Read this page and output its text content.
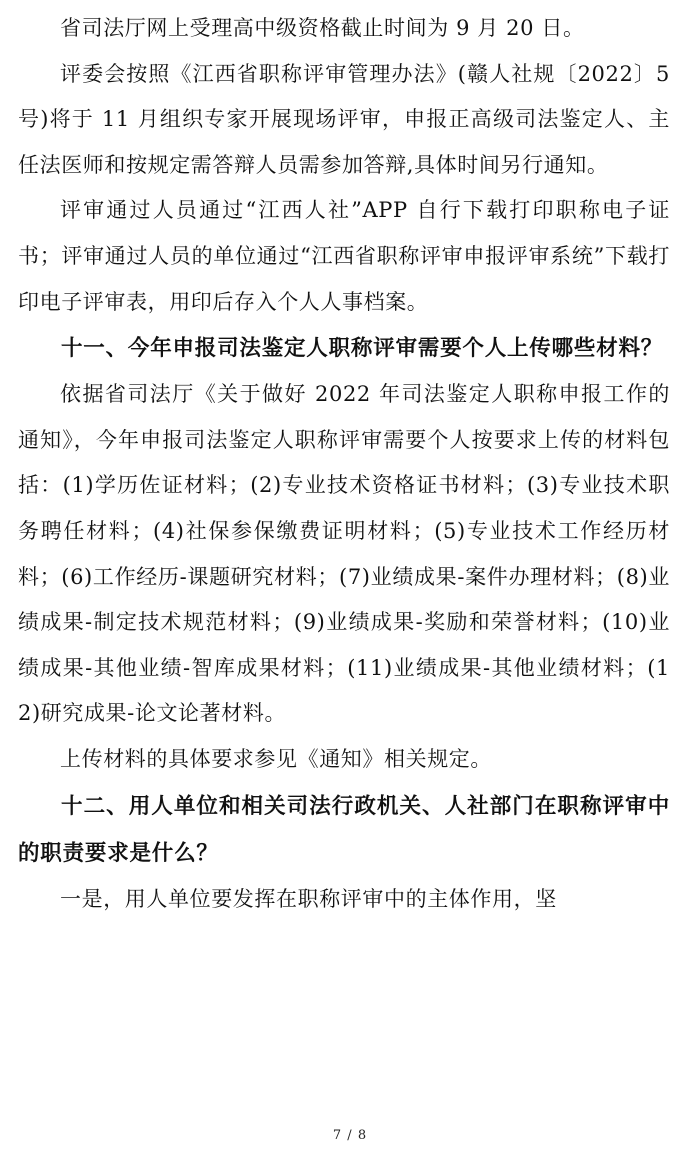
省司法厅网上受理高中级资格截止时间为 9 月 20 日。

评委会按照《江西省职称评审管理办法》(赣人社规〔2022〕5 号)将于 11 月组织专家开展现场评审，申报正高级司法鉴定人、主任法医师和按规定需答辩人员需参加答辩,具体时间另行通知。

评审通过人员通过“江西人社”APP 自行下载打印职称电子证书；评审通过人员的单位通过“江西省职称评审申报评审系统”下载打印电子评审表，用印后存入个人人事档案。

十一、今年申报司法鉴定人职称评审需要个人上传哪些材料？

依据省司法厅《关于做好 2022 年司法鉴定人职称申报工作的通知》，今年申报司法鉴定人职称评审需要个人按要求上传的材料包括：(1)学历佐证材料；(2)专业技术资格证书材料；(3)专业技术职务聘任材料；(4)社保参保缴费证明材料；(5)专业技术工作经历材料；(6)工作经历-课题研究材料；(7)业绩成果-案件办理材料；(8)业绩成果-制定技术规范材料；(9)业绩成果-奖励和荣誉材料；(10)业绩成果-其他业绩-智库成果材料；(11)业绩成果-其他业绩材料；(12)研究成果-论文论著材料。

上传材料的具体要求参见《通知》相关规定。

十二、用人单位和相关司法行政机关、人社部门在职称评审中的职责要求是什么？

一是，用人单位要发挥在职称评审中的主体作用，坚

7 / 8
